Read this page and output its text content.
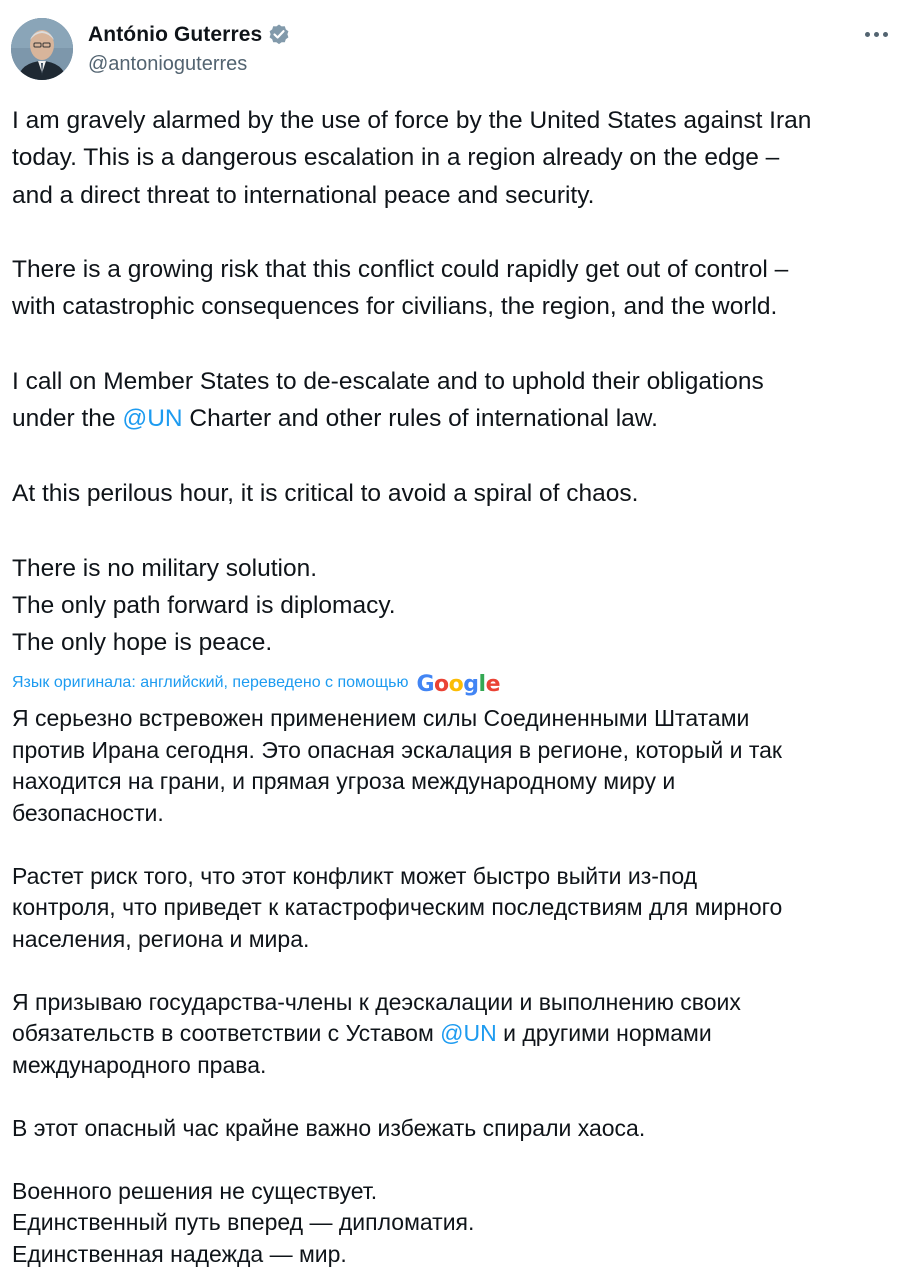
António Guterres
@antonioguterres

I am gravely alarmed by the use of force by the United States against Iran

today. This is a dangerous escalation in a region already on the edge –

and a direct threat to international peace and security.

There is a growing risk that this conflict could rapidly get out of control –

with catastrophic consequences for civilians, the region, and the world.

I call on Member States to de-escalate and to uphold their obligations

under the @UN Charter and other rules of international law.

At this perilous hour, it is critical to avoid a spiral of chaos.

There is no military solution.

The only path forward is diplomacy.

The only hope is peace.

Язык оригинала: английский, переведено с помощью Google

Я серьезно встревожен применением силы Соединенными Штатами

против Ирана сегодня. Это опасная эскалация в регионе, который и так

находится на грани, и прямая угроза международному миру и

безопасности.

Растет риск того, что этот конфликт может быстро выйти из-под

контроля, что приведет к катастрофическим последствиям для мирного

населения, региона и мира.

Я призываю государства-члены к деэскалации и выполнению своих

обязательств в соответствии с Уставом @UN и другими нормами

международного права.

В этот опасный час крайне важно избежать спирали хаоса.

Военного решения не существует.

Единственный путь вперед — дипломатия.

Единственная надежда — мир.
